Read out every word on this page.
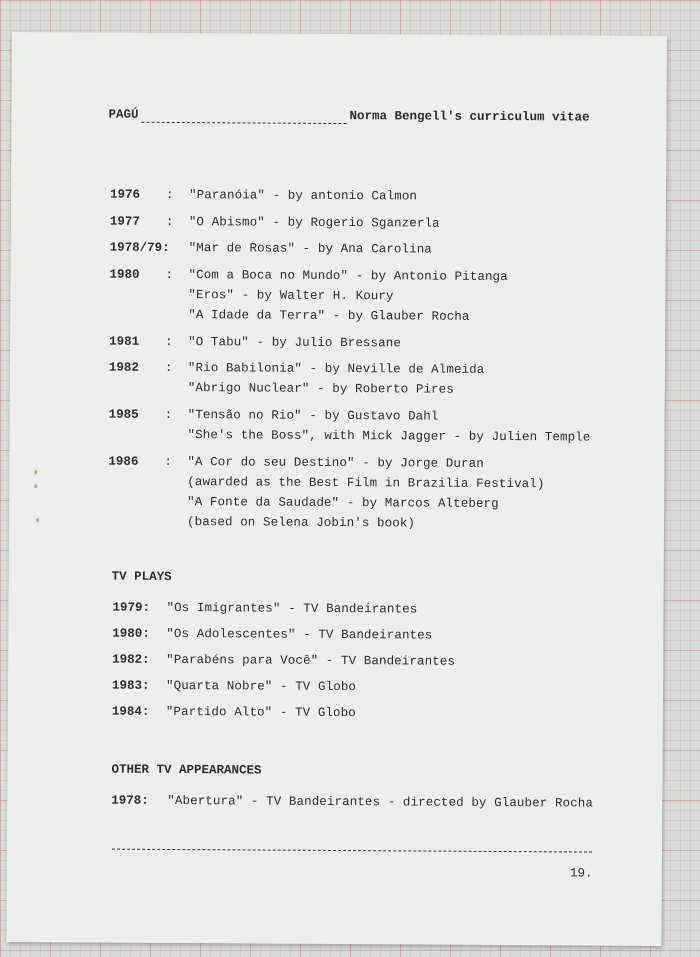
PAGÚ	Norma Bengell's curriculum vitae
1976 : "Paranóia" - by antonio Calmon
1977 : "O Abismo" - by Rogerio Sganzerla
1978/79: "Mar de Rosas" - by Ana Carolina
1980 : "Com a Boca no Mundo" - by Antonio Pitanga
"Eros" - by Walter H. Koury
"A Idade da Terra" - by Glauber Rocha
1981 : "O Tabu" - by Julio Bressane
1982 : "Rio Babilonia" - by Neville de Almeida
"Abrigo Nuclear" - by Roberto Pires
1985 : "Tensão no Rio" - by Gustavo Dahl
"She's the Boss", with Mick Jagger - by Julien Temple
1986 : "A Cor do seu Destino" - by Jorge Duran
(awarded as the Best Film in Brazilia Festival)
"A Fonte da Saudade" - by Marcos Alteberg
(based on Selena Jobin's book)
TV PLAYS
1979: "Os Imigrantes" - TV Bandeirantes
1980: "Os Adolescentes" - TV Bandeirantes
1982: "Parabéns para Você" - TV Bandeirantes
1983: "Quarta Nobre" - TV Globo
1984: "Partido Alto" - TV Globo
OTHER TV APPEARANCES
1978: "Abertura" - TV Bandeirantes - directed by Glauber Rocha
19.
